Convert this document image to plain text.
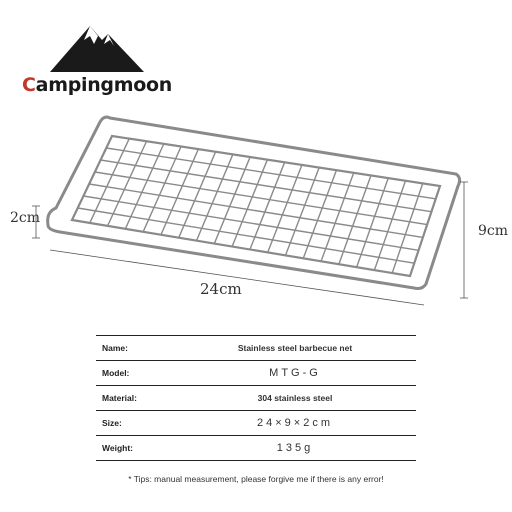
Campingmoon
24cm
9cm
2cm
Name:	Stainless steel barbecue net
Model:	MTG-G
Material:	304 stainless steel
Size:	24×9×2cm
Weight:	135g
* Tips: manual measurement, please forgive me if there is any error!
